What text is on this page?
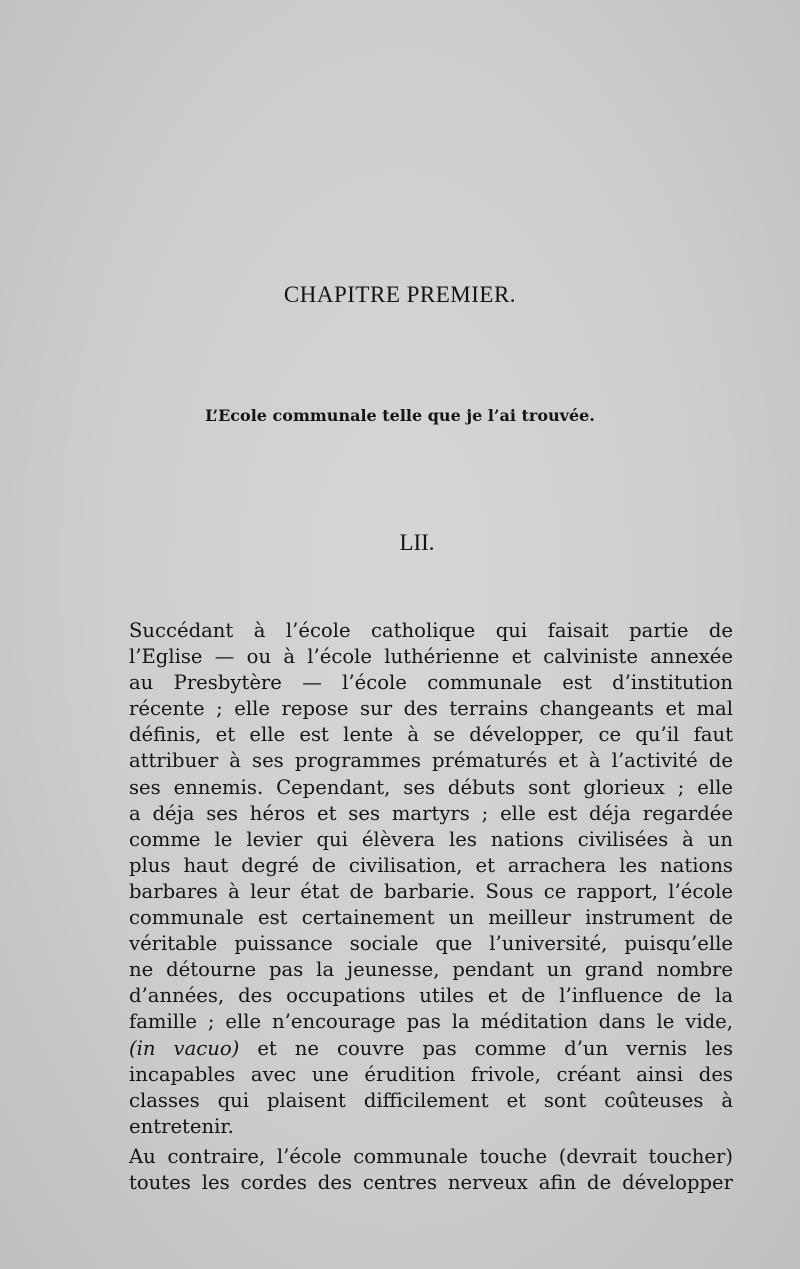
CHAPITRE PREMIER.
L’Ecole communale telle que je l’ai trouvée.
LII.

Succédant à l’école catholique qui faisait partie de
l’Eglise — ou à l’école luthérienne et calviniste annexée
au Presbytère — l’école communale est d’institution
récente ; elle repose sur des terrains changeants et mal
définis, et elle est lente à se développer, ce qu’il faut
attribuer à ses programmes prématurés et à l’activité de
ses ennemis. Cependant, ses débuts sont glorieux ; elle
a déja ses héros et ses martyrs ; elle est déja regardée
comme le levier qui élèvera les nations civilisées à un
plus haut degré de civilisation, et arrachera les nations
barbares à leur état de barbarie. Sous ce rapport, l’école
communale est certainement un meilleur instrument de
véritable puissance sociale que l’université, puisqu’elle
ne détourne pas la jeunesse, pendant un grand nombre
d’années, des occupations utiles et de l’influence de la
famille ; elle n’encourage pas la méditation dans le vide,
(in vacuo) et ne couvre pas comme d’un vernis les
incapables avec une érudition frivole, créant ainsi des
classes qui plaisent difficilement et sont coûteuses à
entretenir.

Au contraire, l’école communale touche (devrait toucher)
toutes les cordes des centres nerveux afin de développer
